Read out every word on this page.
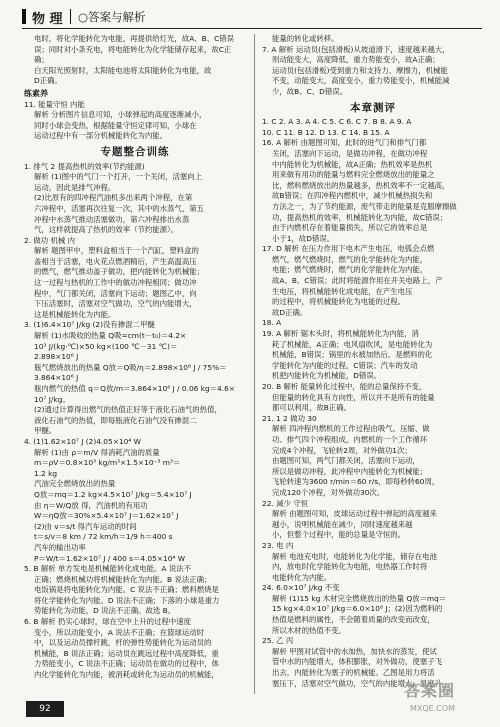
物 理 ○答案与解析

电时，将化学能转化为电能，再提供给灯光，故A、B、C错误

误；同时对小条充电，将电能转化为化学能储存起来，故C正确；

白天阳光照射时，太阳能电池将太阳能转化为电能，故

D正确。

练素养

11. 能量守恒 内能

解析 分析图片信息可知，小球弹起的高度逐渐减小，

同时小球会变热，根据能量守恒定律可知，小球在

运动过程中有一部分机械能转化为内能。

专题整合训练

1. 排气 2 提高热机的效率(节约能源)

解析 (1)图中的气门一个打开，一个关闭，活塞向上

运动，因此是排气冲程。

(2)比原有的四冲程汽油机多出来两个冲程，在第

六冲程中，活塞再次往复一次，其中的水蒸气，第五

冲程中水蒸气推动活塞做功，第六冲程排出水蒸

气，这样就提高了热机的效率（节约能源）。

2. 做功 机械 内

解析 题图甲中，塑料盒相当于一个汽缸，塑料盒的

盖相当于活塞，电火花点燃酒精后，产生高温高压

的燃气，燃气推动盖子做功，把内能转化为机械能；

这一过程与热机的工作中的做功冲程相同；做功冲

程中，气门都关闭，活塞向下运动；题图乙中，向

下压活塞时，活塞对空气做功，空气的内能增大，

这是机械能转化为内能。

3. (1)6.4×10⁷ J/kg (2)没有掺混二甲醚

解析 (1)水吸收的热量 Q吸=cm(t－t₀)＝4.2×

10³ J/(kg·℃)×50 kg×(100 ℃－31 ℃)＝

2.898×10⁶ J

瓶气燃烧放出的热量 Q放＝Q吸/η＝2.898×10⁶ J / 75%＝

3.864×10⁶ J

瓶内燃气的热值 q＝Q放/m＝3.864×10⁶ J / 0.06 kg＝4.6×

10⁷ J/kg。

(2)通过计算得出燃气的热值正好等于液化石油气的热值，

液化石油气的热值，即每瓶液化石油气没有掺混二

甲醚。

4. (1)1.62×10⁷ J (2)4.05×10⁴ W

解析 (1)由 ρ＝m/V 得消耗汽油的质量

m＝ρV＝0.8×10³ kg/m³×1.5×10⁻³ m³＝

1.2 kg

汽油完全燃烧放出的热量

Q放＝mq＝1.2 kg×4.5×10⁷ J/kg＝5.4×10⁷ J

由 η＝W/Q放 得，汽油机的有用功

W＝ηQ放＝30%×5.4×10⁷ J＝1.62×10⁷ J

(2)由 v＝s/t 得汽车运动的时间

t＝s/v＝8 km / 72 km/h＝1/9 h＝400 s

汽车的输出功率

P＝W/t＝1.62×10⁷ J / 400 s＝4.05×10⁴ W

5. B 解析 单方发电是机械能转化成电能。A 说法不

正确；燃烧机械功将机械能转化为内能。B 说法正确；

电饭锅是将电能转化为内能。C 说法不正确；燃料燃烧是

将化学能转化为内能。D 说法不正确；下落的小球是重力

势能转化为动能，D 说法不正确。故选 B。

6. B 解析 扔实心球时，球在空中上升的过程中速度

变小，所以动能变小，A 说法不正确；在篮球运动时

中，以及运动员撑杆跳，杆的弹性势能转化为运动员的

机械能，B 说法正确；运动员在跳远过程中高度降低，重

力势能变小，C 说法不正确；运动员在做功的过程中，体

内化学能转化为内能，被消耗或转化为运动员的机械能，

能量的转化或转移。

7. A 解析 运动员(包括滑板)从坡道滑下，速度越来越大，

则动能变大，高度降低，重力势能变小，故A正确；

运动员(包括滑板)受到重力和支持力、摩擦力，机械能

不变，动能变大，高度变小，重力势能变小，机械能减

少，故B、C、D错误。

本章测评

1. C 2. A 3. A 4. C 5. C 6. C 7. B 8. A 9. A

10. C 11. B 12. D 13. C 14. B 15. A

16. A 解析 由题图可知，此时的进气门和排气门都

关闭，活塞向下运动，是做功冲程，在做功冲程

中内能转化为机械能，故A正确；热机效率是热机

用来做有用功的能量与燃料完全燃烧放出的能量之

比，燃料燃烧放出的热量越多，热机效率不一定越高，

故B错误；在四冲程内燃机中，减少机械热损失和

方法之一，为了节约能源，废气带走的能量是克服摩擦做

功，提高热机的效率，机械能转化为内能，故C错误；

由于内燃机存在着能量损失，所以它的效率总是

小于1，故D错误。

17. D 解析 在压力作用下电木产生电压，电弧会点燃

燃气，燃气燃烧时，燃气的化学能转化为内能，

电能；燃气燃烧时，燃气的化学能转化为内能，

故A、B、C错误；此时将能源作用在开关电路上，产

生电压，将机械能转化成电能，在产生电压

的过程中，将机械能转化为电能的过程。

故D正确。

18. A

19. A 解析 锯木头时，将机械能转化为内能，消

耗了机械能，A正确；电风扇吹风，是电能转化为

机械能，B错误；锅里的水被加热后，是燃料的化

学能转化为内能的过程，C错误；汽车的发动

机把内能转化为机械能，D错误。

20. B 解析 能量转化过程中，能的总量保持不变，

但能量的转化具有方向性，所以并不是所有的能量

都可以利用，故B正确。

21. 1 2 做功 30

解析 四冲程内燃机的工作过程由吸气、压缩、做

功、排气四个冲程组成，内燃机的一个工作循环

完成4个冲程，飞轮转2周，对外做功1次；

由题图可知，两气门都关闭，活塞向下运动，

所以是做功冲程，此冲程中内能转化为机械能；

飞轮转速为3600 r/min＝60 r/s，即每秒转60周，

完成120个冲程，对外做功30次。

22. 减少 守恒

解析 由题图可知，皮球运动过程中弹起的高度越来

越小，说明机械能在减少，同时速度越来越

小，但整个过程中，能的总量是守恒的。

23. 电 内

解析 电池充电时，电能转化为化学能，储存在电池

内，放电时化学能转化为电能，电热器工作时将

电能转化为内能。

24. 6.0×10⁷ J/kg 不变

解析 (1)15 kg 木材完全燃烧放出的热量 Q放＝mq＝

15 kg×4.0×10⁷ J/kg＝6.0×10⁸ J；(2)因为燃料的

热值是燃料的属性，不会随着质量的改变而改变，

所以木材的热值不变。

25. 乙 丙

解析 甲图对试管中的水加热，加快水的蒸发，使试

管中水的内能增大，体积膨胀，对外做功，使塞子飞

出去，内能转化为塞子的机械能。乙图是用力将活

塞压下，活塞对空气做功，空气的内能增大，温度升

92
答案圈
MXQE.COM
